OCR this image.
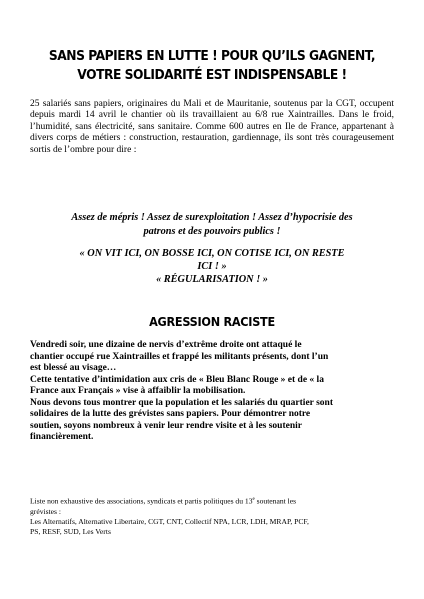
SANS PAPIERS EN LUTTE ! POUR QU’ILS GAGNENT,
VOTRE SOLIDARITÉ EST INDISPENSABLE !
25 salariés sans papiers, originaires du Mali et de Mauritanie, soutenus par la CGT, occupent depuis mardi 14 avril le chantier où ils travaillaient au 6/8 rue Xaintrailles. Dans le froid, l’humidité, sans électricité, sans sanitaire. Comme 600 autres en Ile de France, appartenant à divers corps de métiers : construction, restauration, gardiennage, ils sont très courageusement sortis de l’ombre pour dire :
Assez de mépris ! Assez de surexploitation ! Assez d’hypocrisie des
patrons et des pouvoirs publics !
« ON VIT ICI, ON BOSSE ICI, ON COTISE ICI, ON RESTE
ICI ! »
« RÉGULARISATION ! »
AGRESSION RACISTE
Vendredi soir, une dizaine de nervis d’extrême droite ont attaqué le
chantier occupé rue Xaintrailles et frappé les militants présents, dont l’un
est blessé au visage…
Cette tentative d’intimidation aux cris de « Bleu Blanc Rouge » et de « la
France aux Français » vise à affaiblir la mobilisation.
Nous devons tous montrer que la population et les salariés du quartier sont
solidaires de la lutte des grévistes sans papiers. Pour démontrer notre
soutien, soyons nombreux à venir leur rendre visite et à les soutenir
financièrement.
Liste non exhaustive des associations, syndicats et partis politiques du 13e soutenant les
grévistes :
Les Alternatifs, Alternative Libertaire, CGT, CNT, Collectif NPA, LCR, LDH, MRAP, PCF,
PS, RESF, SUD, Les Verts
